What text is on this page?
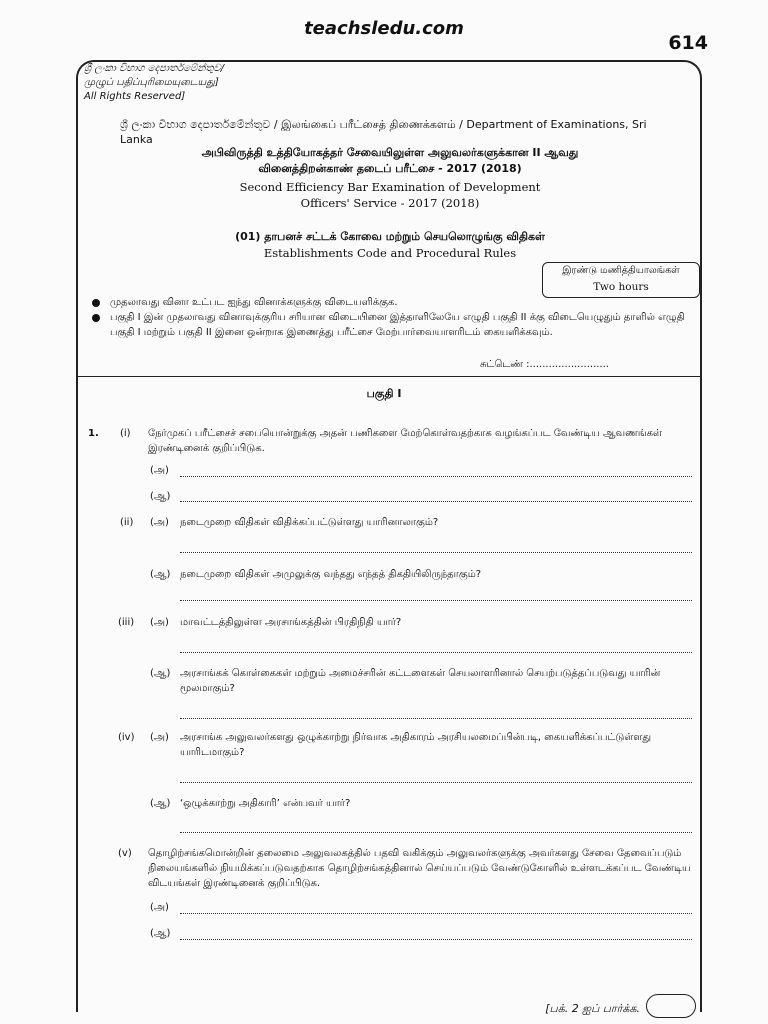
teachsledu.com
614
ශ්‍රී ලංකා විභාග දෙපාර්තමේන්තුව/
முழுப் பதிப்புரிமையுடையது]
All Rights Reserved]
ශ්‍රී ලංකා විභාග දෙපාර්තමේන්තුව / இலங்கைப் பரீட்சைத் திணைக்களம் / Department of Examinations, Sri Lanka
அபிவிருத்தி உத்தியோகத்தர் சேவையிலுள்ள அலுவலர்களுக்கான II ஆவது
வினைத்திறன்காண் தடைப் பரீட்சை - 2017 (2018)
Second Efficiency Bar Examination of Development
Officers' Service - 2017 (2018)
(01) தாபனச் சட்டக் கோவை மற்றும் செயலொழுங்கு விதிகள்
Establishments Code and Procedural Rules
இரண்டு மணித்தியாலங்கள்
Two hours
முதலாவது வினா உட்பட ஐந்து வினாக்களுக்கு விடையளிக்குக.
பகுதி I இன் முதலாவது வினாவுக்குரிய சரியான விடையினை இத்தாளிலேயே எழுதி பகுதி II க்கு விடையெழுதும் தாளில் எழுதி பகுதி I மற்றும் பகுதி II இனை ஒன்றாக இணைத்து பரீட்சை மேற்பார்வையாளரிடம் கையளிக்கவும்.
சுட்டெண் :.........................
பகுதி I
1. (i) நேர்முகப் பரீட்சைச் சபையொன்றுக்கு அதன் பணிகளை மேற்கொள்வதற்காக வழங்கப்பட வேண்டிய ஆவணங்கள் இரண்டினைக் குறிப்பிடுக.
(அ)
(ஆ)
(ii) (அ) நடைமுறை விதிகள் விதிக்கப்பட்டுள்ளது யாரினாலாகும்?
(ஆ) நடைமுறை விதிகள் அமுலுக்கு வந்தது எந்தத் திகதியிலிருந்தாகும்?
(iii) (அ) மாவட்டத்திலுள்ள அரசாங்கத்தின் பிரதிநிதி யார்?
(ஆ) அரசாங்கக் கொள்கைகள் மற்றும் அமைச்சரின் கட்டளைகள் செயலாளரினால் செயற்படுத்தப்படுவது யாரின் மூலமாகும்?
(iv) (அ) அரசாங்க அலுவலர்களது ஒழுக்காற்று நிர்வாக அதிகாரம் அரசியலமைப்பின்படி, கையளிக்கப்பட்டுள்ளது யாரிடமாகும்?
(ஆ) ‘ஒழுக்காற்று அதிகாரி’ என்பவர் யார்?
(v) தொழிற்சங்கமொன்றின் தலைமை அலுவலகத்தில் பதவி வகிக்கும் அலுவலர்களுக்கு அவர்களது சேவை தேவைப்படும் நிலையங்களில் நியமிக்கப்படுவதற்காக தொழிற்சங்கத்தினால் செய்யப்படும் வேண்டுகோளில் உள்ளடக்கப்பட வேண்டிய விடயங்கள் இரண்டினைக் குறிப்பிடுக.
(அ)
(ஆ)
[பக். 2 ஐப் பார்க்க.
